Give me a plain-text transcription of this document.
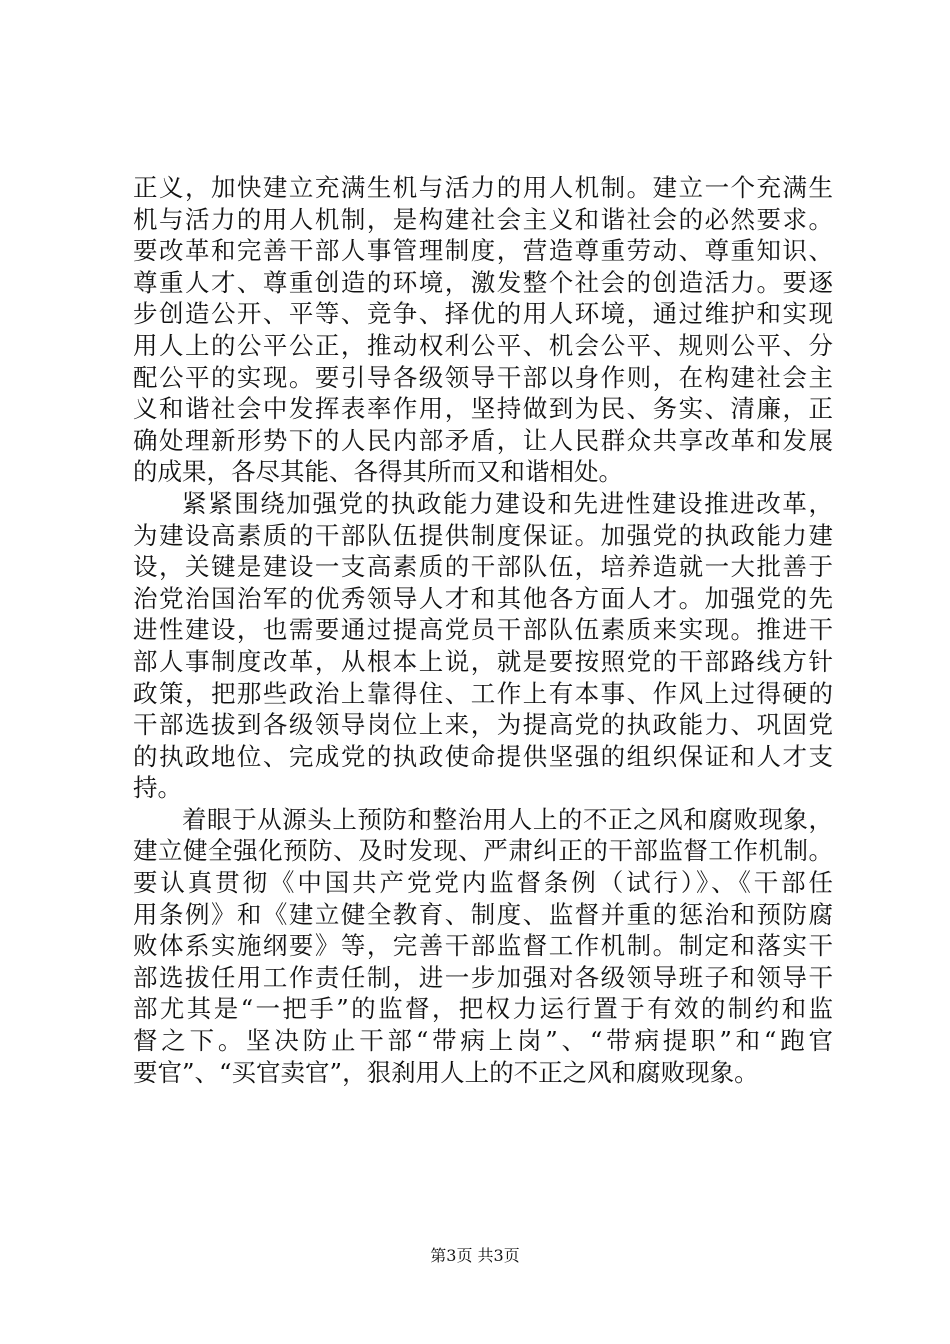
正义，加快建立充满生机与活力的用人机制。建立一个充满生
机与活力的用人机制，是构建社会主义和谐社会的必然要求。
要改革和完善干部人事管理制度，营造尊重劳动、尊重知识、
尊重人才、尊重创造的环境，激发整个社会的创造活力。要逐
步创造公开、平等、竞争、择优的用人环境，通过维护和实现
用人上的公平公正，推动权利公平、机会公平、规则公平、分
配公平的实现。要引导各级领导干部以身作则，在构建社会主
义和谐社会中发挥表率作用，坚持做到为民、务实、清廉，正
确处理新形势下的人民内部矛盾，让人民群众共享改革和发展
的成果，各尽其能、各得其所而又和谐相处。
紧紧围绕加强党的执政能力建设和先进性建设推进改革，
为建设高素质的干部队伍提供制度保证。加强党的执政能力建
设，关键是建设一支高素质的干部队伍，培养造就一大批善于
治党治国治军的优秀领导人才和其他各方面人才。加强党的先
进性建设，也需要通过提高党员干部队伍素质来实现。推进干
部人事制度改革，从根本上说，就是要按照党的干部路线方针
政策，把那些政治上靠得住、工作上有本事、作风上过得硬的
干部选拔到各级领导岗位上来，为提高党的执政能力、巩固党
的执政地位、完成党的执政使命提供坚强的组织保证和人才支
持。
着眼于从源头上预防和整治用人上的不正之风和腐败现象，
建立健全强化预防、及时发现、严肃纠正的干部监督工作机制。
要认真贯彻《中国共产党党内监督条例（试行）》、《干部任
用条例》和《建立健全教育、制度、监督并重的惩治和预防腐
败体系实施纲要》等，完善干部监督工作机制。制定和落实干
部选拔任用工作责任制，进一步加强对各级领导班子和领导干
部尤其是“一把手”的监督，把权力运行置于有效的制约和监
督之下。坚决防止干部“带病上岗”、“带病提职”和“跑官
要官”、“买官卖官”，狠刹用人上的不正之风和腐败现象。
第3页 共3页
